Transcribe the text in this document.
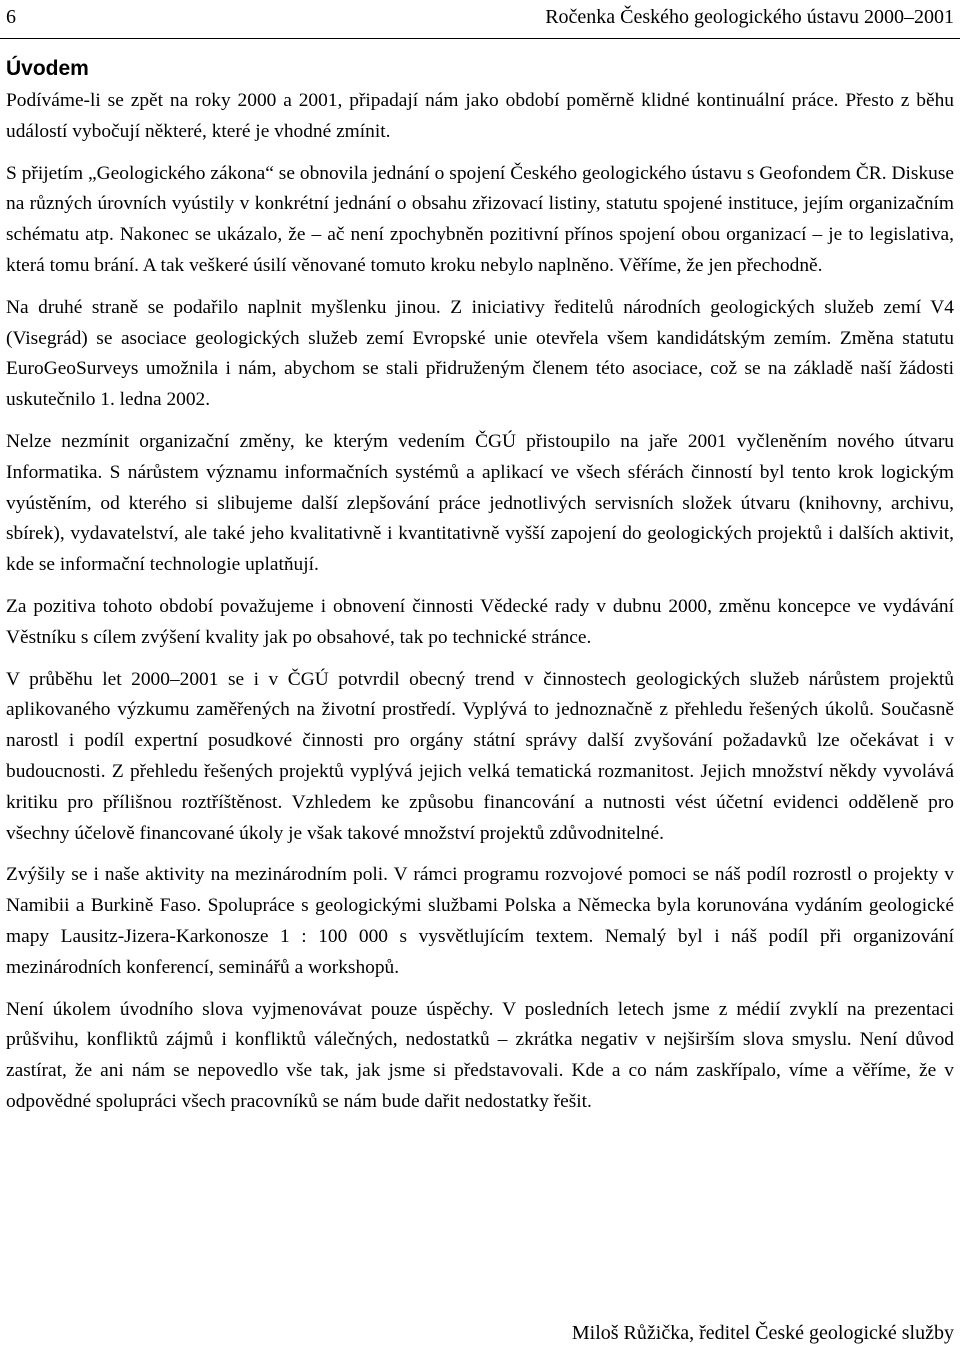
6	Ročenka Českého geologického ústavu 2000–2001
Úvodem

Podíváme-li se zpět na roky 2000 a 2001, připadají nám jako období poměrně klidné kontinuální práce. Přesto z běhu událostí vybočují některé, které je vhodné zmínit.

S přijetím „Geologického zákona“ se obnovila jednání o spojení Českého geologického ústavu s Geofondem ČR. Diskuse na různých úrovních vyústily v konkrétní jednání o obsahu zřizovací listiny, statutu spojené instituce, jejím organizačním schématu atp. Nakonec se ukázalo, že – ač není zpochybněn pozitivní přínos spojení obou organizací – je to legislativa, která tomu brání. A tak veškeré úsilí věnované tomuto kroku nebylo naplněno. Věříme, že jen přechodně.

Na druhé straně se podařilo naplnit myšlenku jinou. Z iniciativy ředitelů národních geologických služeb zemí V4 (Visegrád) se asociace geologických služeb zemí Evropské unie otevřela všem kandidátským zemím. Změna statutu EuroGeoSurveys umožnila i nám, abychom se stali přidruženým členem této asociace, což se na základě naší žádosti uskutečnilo 1. ledna 2002.

Nelze nezmínit organizační změny, ke kterým vedením ČGÚ přistoupilo na jaře 2001 vyčleněním nového útvaru Informatika. S nárůstem významu informačních systémů a aplikací ve všech sférách činností byl tento krok logickým vyústěním, od kterého si slibujeme další zlepšování práce jednotlivých servisních složek útvaru (knihovny, archivu, sbírek), vydavatelství, ale také jeho kvalitativně i kvantitativně vyšší zapojení do geologických projektů i dalších aktivit, kde se informační technologie uplatňují.

Za pozitiva tohoto období považujeme i obnovení činnosti Vědecké rady v dubnu 2000, změnu koncepce ve vydávání Věstníku s cílem zvýšení kvality jak po obsahové, tak po technické stránce.

V průběhu let 2000–2001 se i v ČGÚ potvrdil obecný trend v činnostech geologických služeb nárůstem projektů aplikovaného výzkumu zaměřených na životní prostředí. Vyplývá to jednoznačně z přehledu řešených úkolů. Současně narostl i podíl expertní posudkové činnosti pro orgány státní správy další zvyšování požadavků lze očekávat i v budoucnosti. Z přehledu řešených projektů vyplývá jejich velká tematická rozmanitost. Jejich množství někdy vyvolává kritiku pro přílišnou roztříštěnost. Vzhledem ke způsobu financování a nutnosti vést účetní evidenci odděleně pro všechny účelově financované úkoly je však takové množství projektů zdůvodnitelné.

Zvýšily se i naše aktivity na mezinárodním poli. V rámci programu rozvojové pomoci se náš podíl rozrostl o projekty v Namibii a Burkině Faso. Spolupráce s geologickými službami Polska a Německa byla korunována vydáním geologické mapy Lausitz-Jizera-Karkonosze 1 : 100 000 s vysvětlujícím textem. Nemalý byl i náš podíl při organizování mezinárodních konferencí, seminářů a workshopů.

Není úkolem úvodního slova vyjmenovávat pouze úspěchy. V posledních letech jsme z médií zvyklí na prezentaci průšvihu, konfliktů zájmů i konfliktů válečných, nedostatků – zkrátka negativ v nejširším slova smyslu. Není důvod zastírat, že ani nám se nepovedlo vše tak, jak jsme si představovali. Kde a co nám zaskřípalo, víme a věříme, že v odpovědné spolupráci všech pracovníků se nám bude dařit nedostatky řešit.

Miloš Růžička, ředitel České geologické služby
